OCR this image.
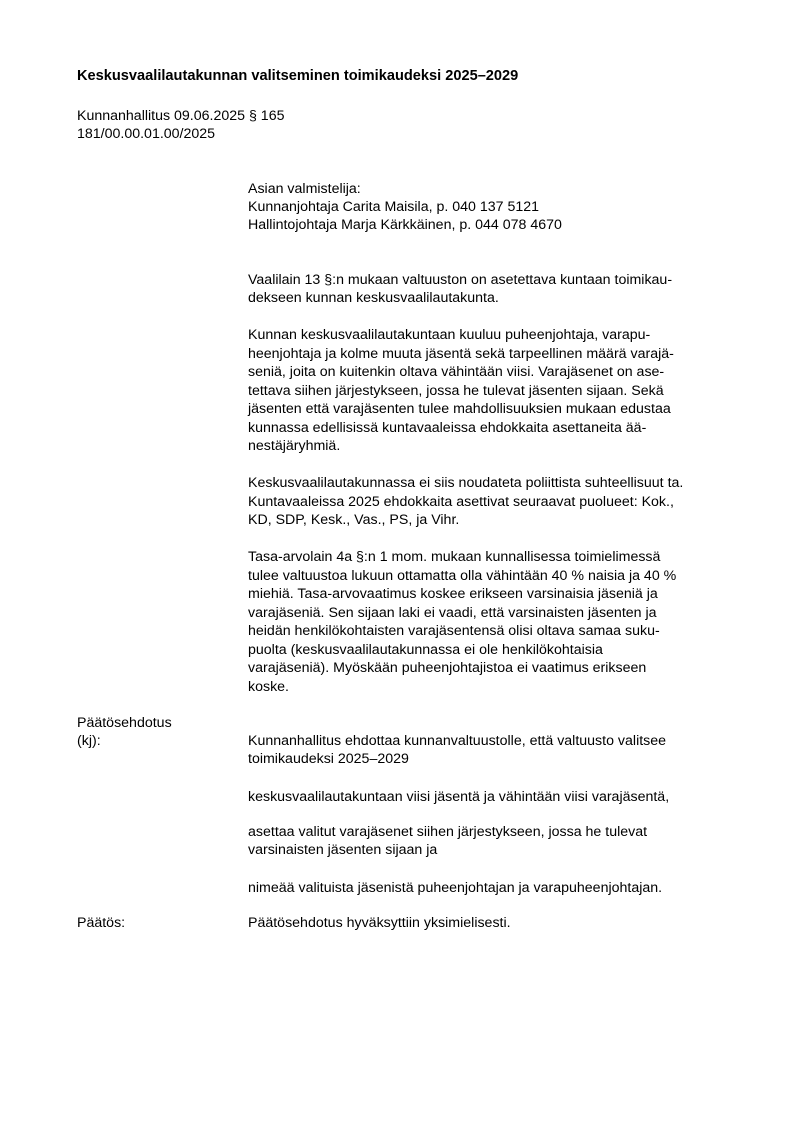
Keskusvaalilautakunnan valitseminen toimikaudeksi 2025–2029
Kunnanhallitus 09.06.2025 § 165
181/00.00.01.00/2025
Asian valmistelija:
Kunnanjohtaja Carita Maisila, p. 040 137 5121
Hallintojohtaja Marja Kärkkäinen, p. 044 078 4670
Vaalilain 13 §:n mukaan valtuuston on asetettava kuntaan toimikau-
dekseen kunnan keskusvaalilautakunta.
Kunnan keskusvaalilautakuntaan kuuluu puheenjohtaja, varapu-
heenjohtaja ja kolme muuta jäsentä sekä tarpeellinen määrä varajä-
seniä, joita on kuitenkin oltava vähintään viisi. Varajäsenet on ase-
tettava siihen järjestykseen, jossa he tulevat jäsenten sijaan. Sekä
jäsenten että varajäsenten tulee mahdollisuuksien mukaan edustaa
kunnassa edellisissä kuntavaaleissa ehdokkaita asettaneita ää-
nestäjäryhmiä.
Keskusvaalilautakunnassa ei siis noudateta poliittista suhteellisuut ta.
Kuntavaaleissa 2025 ehdokkaita asettivat seuraavat puolueet: Kok.,
KD, SDP, Kesk., Vas., PS, ja Vihr.
Tasa-arvolain 4a §:n 1 mom. mukaan kunnallisessa toimielimessä
tulee valtuustoa lukuun ottamatta olla vähintään 40 % naisia ja 40 %
miehiä. Tasa-arvovaatimus koskee erikseen varsinaisia jäseniä ja
varajäseniä. Sen sijaan laki ei vaadi, että varsinaisten jäsenten ja
heidän henkilökohtaisten varajäsentensä olisi oltava samaa suku-
puolta (keskusvaalilautakunnassa ei ole henkilökohtaisia
varajäseniä). Myöskään puheenjohtajistoa ei vaatimus erikseen
koske.
Päätösehdotus
(kj):	Kunnanhallitus ehdottaa kunnanvaltuustolle, että valtuusto valitsee
toimikaudeksi 2025–2029
keskusvaalilautakuntaan viisi jäsentä ja vähintään viisi varajäsentä,
asettaa valitut varajäsenet siihen järjestykseen, jossa he tulevat
varsinaisten jäsenten sijaan ja
nimeää valituista jäsenistä puheenjohtajan ja varapuheenjohtajan.
Päätös:	Päätösehdotus hyväksyttiin yksimielisesti.
